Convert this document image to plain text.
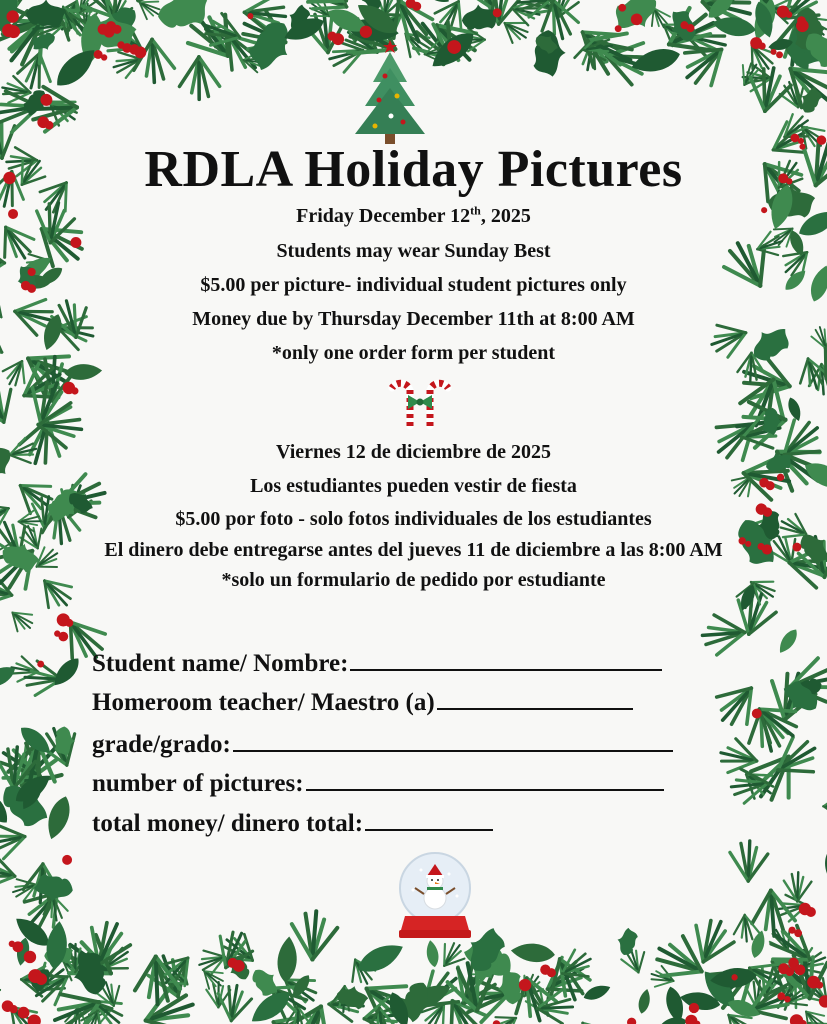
RDLA Holiday Pictures
Friday December 12th, 2025
Students may wear Sunday Best
$5.00 per picture- individual student pictures only
Money due by Thursday December 11th at 8:00 AM
*only one order form per student
Viernes 12 de diciembre de 2025
Los estudiantes pueden vestir de fiesta
$5.00 por foto - solo fotos individuales de los estudiantes
El dinero debe entregarse antes del jueves 11 de diciembre a las 8:00 AM
*solo un formulario de pedido por estudiante
Student name/ Nombre:
Homeroom teacher/ Maestro (a)
grade/grado:
number of pictures:
total money/ dinero total:
